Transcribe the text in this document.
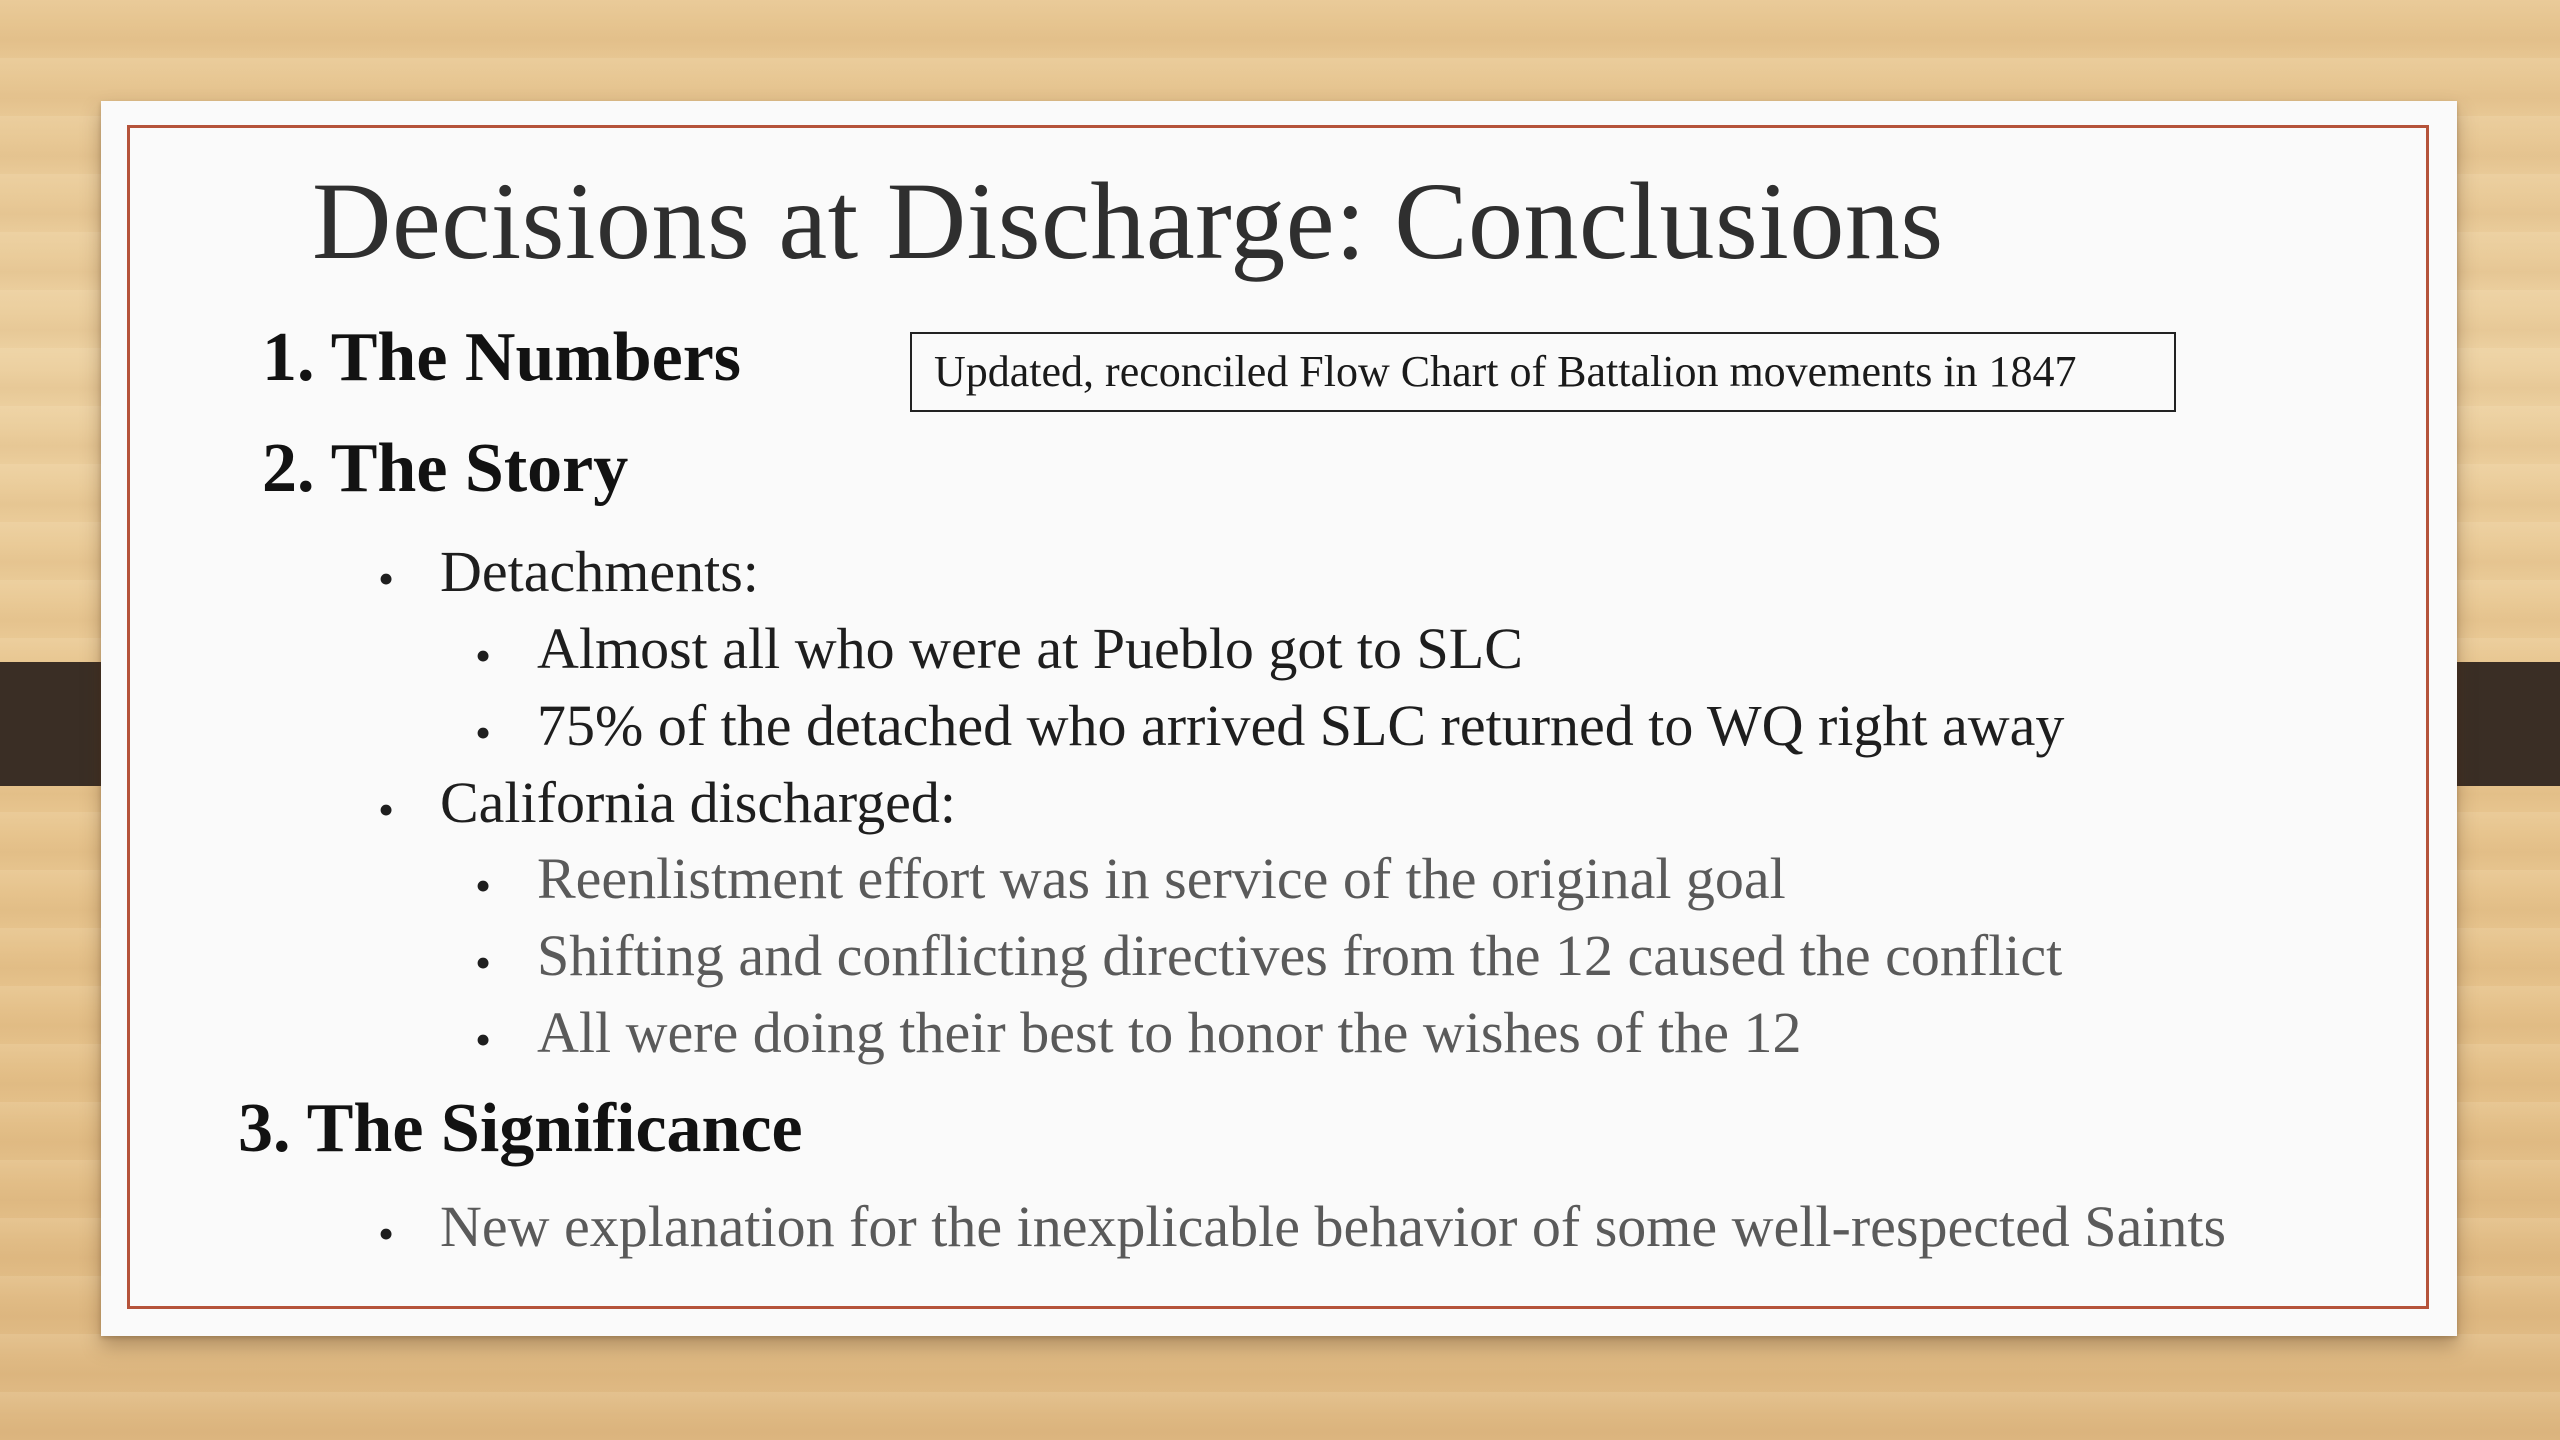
Decisions at Discharge: Conclusions
1. The Numbers	Updated, reconciled Flow Chart of Battalion movements in 1847
2. The Story
• Detachments:
• Almost all who were at Pueblo got to SLC
• 75% of the detached who arrived SLC returned to WQ right away
• California discharged:
• Reenlistment effort was in service of the original goal
• Shifting and conflicting directives from the 12 caused the conflict
• All were doing their best to honor the wishes of the 12
3. The Significance
• New explanation for the inexplicable behavior of some well-respected Saints
